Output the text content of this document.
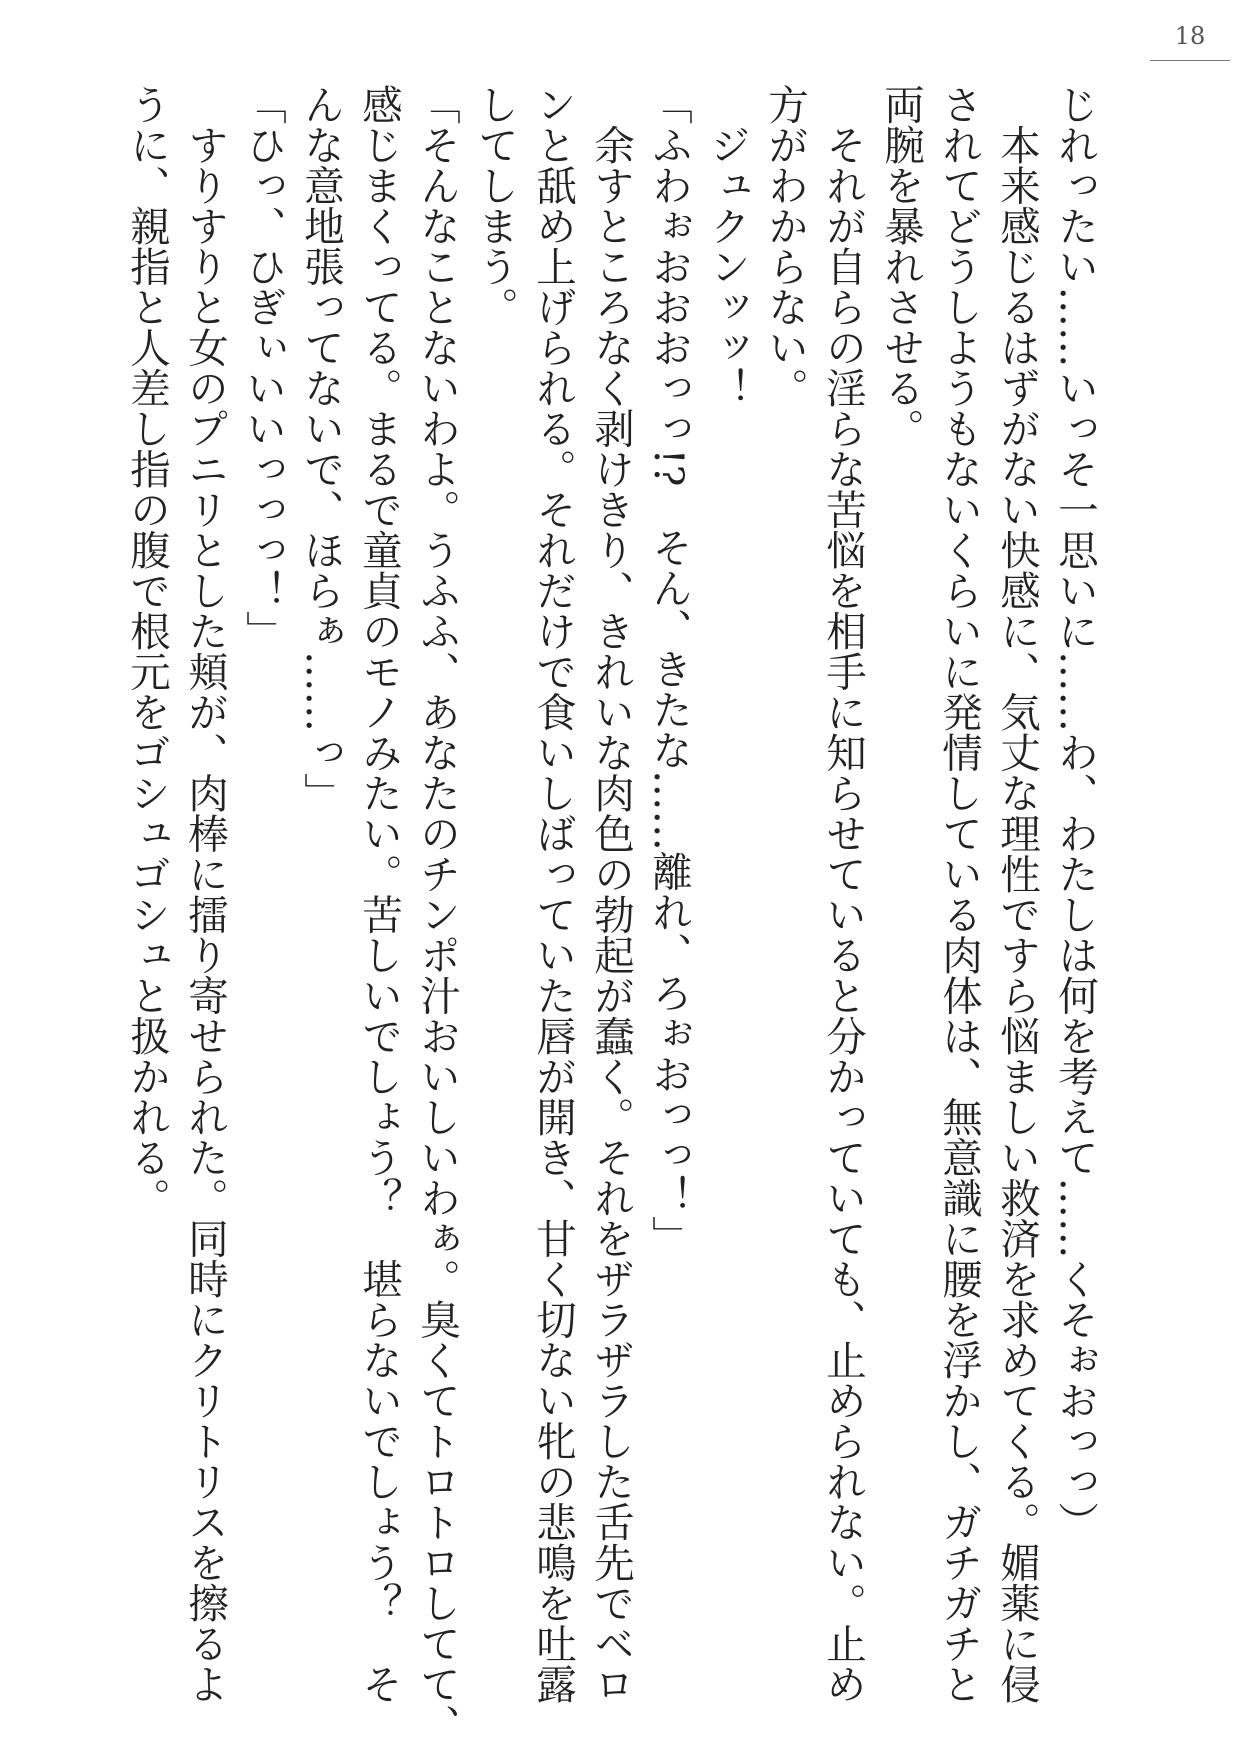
18
じれったい……いっそ一思いに……わ、わたしは何を考えて……くそぉおっっ）
　本来感じるはずがない快感に、気丈な理性ですら悩ましい救済を求めてくる。媚薬に侵
されてどうしようもないくらいに発情している肉体は、無意識に腰を浮かし、ガチガチと
両腕を暴れさせる。
　それが自らの淫らな苦悩を相手に知らせていると分かっていても、止められない。止め
方がわからない。
　ジュクンッッ！
「ふわぉおおおっっ!?　そん、きたな……離れ、ろぉおっっ！」
　余すところなく剥けきり、きれいな肉色の勃起が蠢く。それをザラザラした舌先でベロ
ンと舐め上げられる。それだけで食いしばっていた唇が開き、甘く切ない牝の悲鳴を吐露
してしまう。
「そんなことないわよ。うふふ、あなたのチンポ汁おいしいわぁ。臭くてトロトロしてて、
感じまくってる。まるで童貞のモノみたい。苦しいでしょう？　堪らないでしょう？　そ
んな意地張ってないで、ほらぁ……っ」
「ひっ、ひぎぃいいっっっ！」
　すりすりと女のプニリとした頬が、肉棒に擂り寄せられた。同時にクリトリスを擦るよ
うに、親指と人差し指の腹で根元をゴシュゴシュと扱かれる。
